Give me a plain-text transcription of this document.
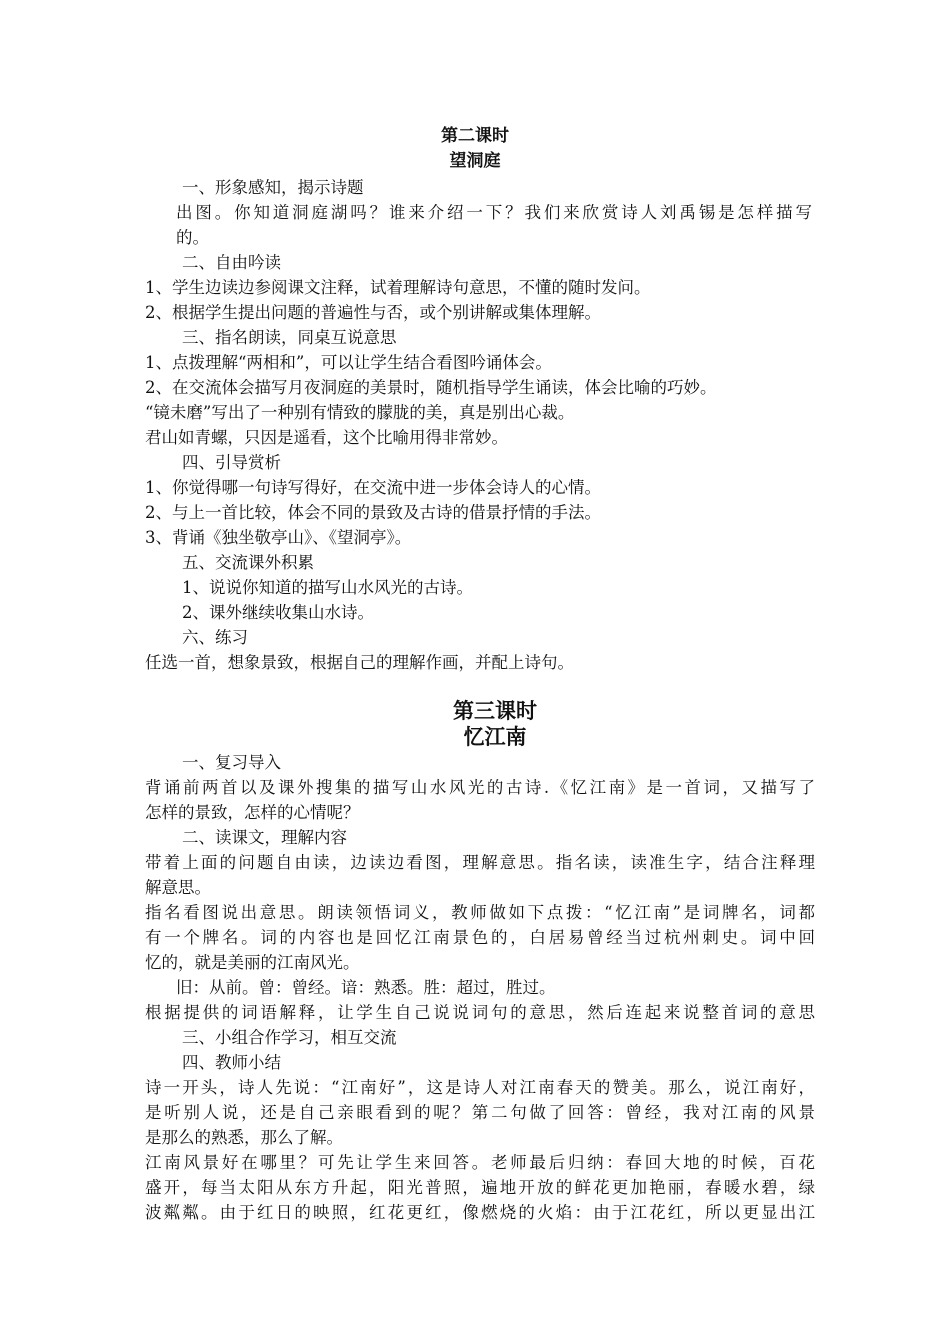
第二课时
望洞庭
一、形象感知，揭示诗题
出图。你知道洞庭湖吗？谁来介绍一下？我们来欣赏诗人刘禹锡是怎样描写
的。
二、自由吟读
1、学生边读边参阅课文注释，试着理解诗句意思，不懂的随时发问。
2、根据学生提出问题的普遍性与否，或个别讲解或集体理解。
三、指名朗读，同桌互说意思
1、点拨理解“两相和”，可以让学生结合看图吟诵体会。
2、在交流体会描写月夜洞庭的美景时，随机指导学生诵读，体会比喻的巧妙。
“镜未磨”写出了一种别有情致的朦胧的美，真是别出心裁。
君山如青螺，只因是遥看，这个比喻用得非常妙。
四、引导赏析
1、你觉得哪一句诗写得好，在交流中进一步体会诗人的心情。
2、与上一首比较，体会不同的景致及古诗的借景抒情的手法。
3、背诵《独坐敬亭山》、《望洞亭》。
五、交流课外积累
1、说说你知道的描写山水风光的古诗。
2、课外继续收集山水诗。
六、练习
任选一首，想象景致，根据自己的理解作画，并配上诗句。
第三课时
忆江南
一、复习导入
背诵前两首以及课外搜集的描写山水风光的古诗.《忆江南》是一首词，又描写了
怎样的景致，怎样的心情呢？
二、读课文，理解内容
带着上面的问题自由读，边读边看图，理解意思。指名读，读准生字，结合注释理
解意思。
指名看图说出意思。朗读领悟词义，教师做如下点拨：“忆江南”是词牌名，词都
有一个牌名。词的内容也是回忆江南景色的，白居易曾经当过杭州刺史。词中回
忆的，就是美丽的江南风光。
旧：从前。曾：曾经。谙：熟悉。胜：超过，胜过。
根据提供的词语解释，让学生自己说说词句的意思，然后连起来说整首词的意思
三、小组合作学习，相互交流
四、教师小结
诗一开头，诗人先说：“江南好”，这是诗人对江南春天的赞美。那么，说江南好，
是听别人说，还是自己亲眼看到的呢？第二句做了回答：曾经，我对江南的风景
是那么的熟悉，那么了解。
江南风景好在哪里？可先让学生来回答。老师最后归纳：春回大地的时候，百花
盛开，每当太阳从东方升起，阳光普照，遍地开放的鲜花更加艳丽，春暖水碧，绿
波粼粼。由于红日的映照，红花更红，像燃烧的火焰：由于江花红，所以更显出江
